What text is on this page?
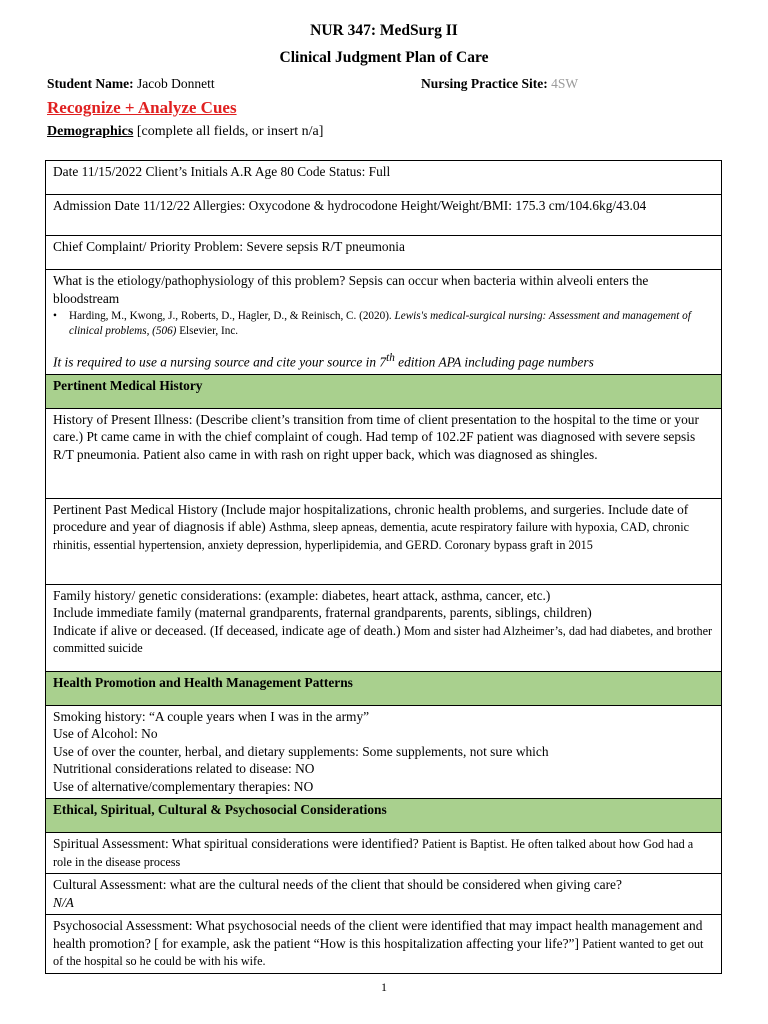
NUR 347: MedSurg II
Clinical Judgment Plan of Care
Student Name: Jacob Donnett	Nursing Practice Site: 4SW
Recognize + Analyze Cues
Demographics [complete all fields, or insert n/a]
Date 11/15/2022 Client’s Initials A.R Age 80 Code Status: Full
Admission Date 11/12/22 Allergies: Oxycodone & hydrocodone Height/Weight/BMI: 175.3 cm/104.6kg/43.04
Chief Complaint/ Priority Problem: Severe sepsis R/T pneumonia

What is the etiology/pathophysiology of this problem? Sepsis can occur when bacteria within alveoli enters the bloodstream
• Harding, M., Kwong, J., Roberts, D., Hagler, D., & Reinisch, C. (2020). Lewis's medical-surgical nursing: Assessment and management of clinical problems, (506) Elsevier, Inc.
It is required to use a nursing source and cite your source in 7th edition APA including page numbers

Pertinent Medical History
History of Present Illness: (Describe client’s transition from time of client presentation to the hospital to the time or your care.) Pt came came in with the chief complaint of cough. Had temp of 102.2F patient was diagnosed with severe sepsis R/T pneumonia. Patient also came in with rash on right upper back, which was diagnosed as shingles.
Pertinent Past Medical History (Include major hospitalizations, chronic health problems, and surgeries. Include date of procedure and year of diagnosis if able) Asthma, sleep apneas, dementia, acute respiratory failure with hypoxia, CAD, chronic rhinitis, essential hypertension, anxiety depression, hyperlipidemia, and GERD. Coronary bypass graft in 2015

Family history/ genetic considerations: (example: diabetes, heart attack, asthma, cancer, etc.)
Include immediate family (maternal grandparents, fraternal grandparents, parents, siblings, children)
Indicate if alive or deceased. (If deceased, indicate age of death.) Mom and sister had Alzheimer’s, dad had diabetes, and brother committed suicide

Health Promotion and Health Management Patterns

Smoking history: “A couple years when I was in the army”
Use of Alcohol: No
Use of over the counter, herbal, and dietary supplements: Some supplements, not sure which
Nutritional considerations related to disease: NO
Use of alternative/complementary therapies: NO

Ethical, Spiritual, Cultural & Psychosocial Considerations
Spiritual Assessment: What spiritual considerations were identified? Patient is Baptist. He often talked about how God had a role in the disease process

Cultural Assessment: what are the cultural needs of the client that should be considered when giving care?
N/A
Psychosocial Assessment: What psychosocial needs of the client were identified that may impact health management and health promotion? [ for example, ask the patient “How is this hospitalization affecting your life?”] Patient wanted to get out of the hospital so he could be with his wife.
1
